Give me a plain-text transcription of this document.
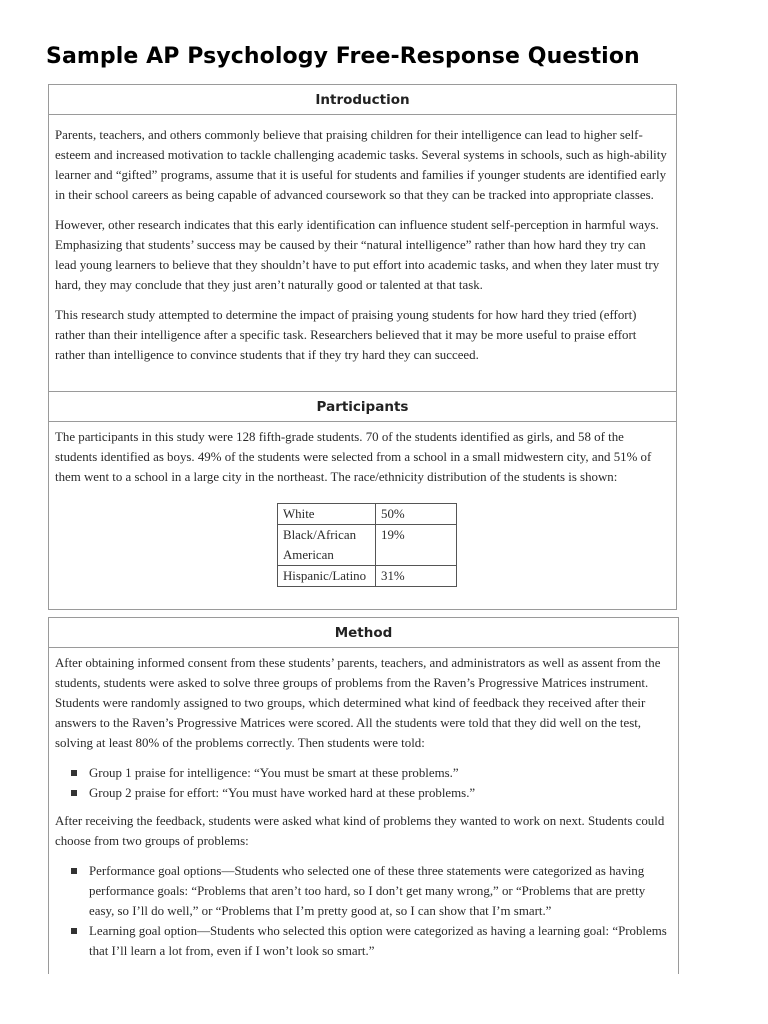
Sample AP Psychology Free-Response Question
Introduction

Parents, teachers, and others commonly believe that praising children for their intelligence can lead to higher self-esteem and increased motivation to tackle challenging academic tasks. Several systems in schools, such as high-ability learner and “gifted” programs, assume that it is useful for students and families if younger students are identified early in their school careers as being capable of advanced coursework so that they can be tracked into appropriate classes.

However, other research indicates that this early identification can influence student self-perception in harmful ways. Emphasizing that students’ success may be caused by their “natural intelligence” rather than how hard they try can lead young learners to believe that they shouldn’t have to put effort into academic tasks, and when they later must try hard, they may conclude that they just aren’t naturally good or talented at that task.

This research study attempted to determine the impact of praising young students for how hard they tried (effort) rather than their intelligence after a specific task. Researchers believed that it may be more useful to praise effort rather than intelligence to convince students that if they try hard they can succeed.

Participants

The participants in this study were 128 fifth-grade students. 70 of the students identified as girls, and 58 of the students identified as boys. 49% of the students were selected from a school in a small midwestern city, and 51% of them went to a school in a large city in the northeast. The race/ethnicity distribution of the students is shown:

White	50%
Black/African American	19%
Hispanic/Latino	31%
Method

After obtaining informed consent from these students’ parents, teachers, and administrators as well as assent from the students, students were asked to solve three groups of problems from the Raven’s Progressive Matrices instrument. Students were randomly assigned to two groups, which determined what kind of feedback they received after their answers to the Raven’s Progressive Matrices were scored. All the students were told that they did well on the test, solving at least 80% of the problems correctly. Then students were told:

Group 1 praise for intelligence: “You must be smart at these problems.”
Group 2 praise for effort: “You must have worked hard at these problems.”

After receiving the feedback, students were asked what kind of problems they wanted to work on next. Students could choose from two groups of problems:

Performance goal options—Students who selected one of these three statements were categorized as having performance goals: “Problems that aren’t too hard, so I don’t get many wrong,” or “Problems that are pretty easy, so I’ll do well,” or “Problems that I’m pretty good at, so I can show that I’m smart.”
Learning goal option—Students who selected this option were categorized as having a learning goal: “Problems that I’ll learn a lot from, even if I won’t look so smart.”
